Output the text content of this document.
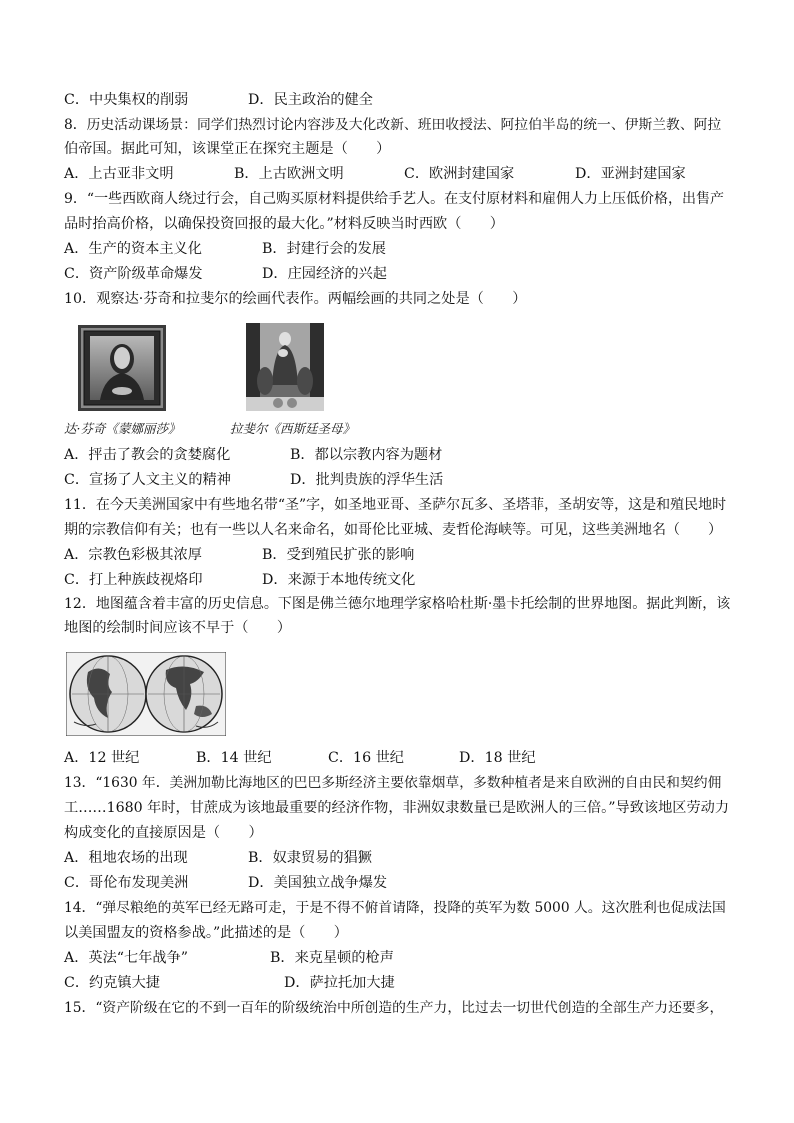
C．中央集权的削弱	D．民主政治的健全
8．历史活动课场景：同学们热烈讨论内容涉及大化改新、班田收授法、阿拉伯半岛的统一、伊斯兰教、阿拉
伯帝国。据此可知，该课堂正在探究主题是（　　）
A．上古亚非文明	B．上古欧洲文明	C．欧洲封建国家	D．亚洲封建国家
9．“一些西欧商人绕过行会，自己购买原材料提供给手艺人。在支付原材料和雇佣人力上压低价格，出售产
品时抬高价格，以确保投资回报的最大化。”材料反映当时西欧（　　）
A．生产的资本主义化	B．封建行会的发展
C．资产阶级革命爆发	D．庄园经济的兴起
10．观察达·芬奇和拉斐尔的绘画代表作。两幅绘画的共同之处是（　　）
达·芬奇《蒙娜丽莎》	拉斐尔《西斯廷圣母》
A．抨击了教会的贪婪腐化	B．都以宗教内容为题材
C．宣扬了人文主义的精神	D．批判贵族的浮华生活
11．在今天美洲国家中有些地名带“圣”字，如圣地亚哥、圣萨尔瓦多、圣塔菲，圣胡安等，这是和殖民地时
期的宗教信仰有关；也有一些以人名来命名，如哥伦比亚城、麦哲伦海峡等。可见，这些美洲地名（　　）
A．宗教色彩极其浓厚	B．受到殖民扩张的影响
C．打上种族歧视烙印	D．来源于本地传统文化
12．地图蕴含着丰富的历史信息。下图是佛兰德尔地理学家格哈杜斯·墨卡托绘制的世界地图。据此判断，该
地图的绘制时间应该不早于（　　）
A．12 世纪	B．14 世纪	C．16 世纪	D．18 世纪
13．“1630 年．美洲加勒比海地区的巴巴多斯经济主要依靠烟草，多数种植者是来自欧洲的自由民和契约佣
工……1680 年时，甘蔗成为该地最重要的经济作物，非洲奴隶数量已是欧洲人的三倍。”导致该地区劳动力
构成变化的直接原因是（　　）
A．租地农场的出现	B．奴隶贸易的猖獗
C．哥伦布发现美洲	D．美国独立战争爆发
14．“弹尽粮绝的英军已经无路可走，于是不得不俯首请降，投降的英军为数 5000 人。这次胜利也促成法国
以美国盟友的资格参战。”此描述的是（　　）
A．英法“七年战争”	B．来克星顿的枪声
C．约克镇大捷	D．萨拉托加大捷
15．“资产阶级在它的不到一百年的阶级统治中所创造的生产力，比过去一切世代创造的全部生产力还要多，
